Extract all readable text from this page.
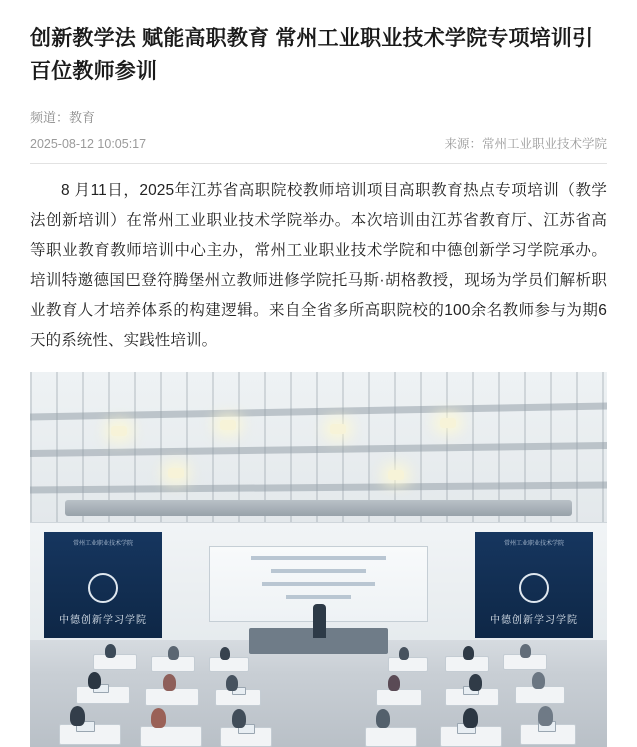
创新教学法 赋能高职教育 常州工业职业技术学院专项培训引百位教师参训
频道：教育
2025-08-12 10:05:17	来源：常州工业职业技术学院

8 月11日，2025年江苏省高职院校教师培训项目高职教育热点专项培训（教学法创新培训）在常州工业职业技术学院举办。本次培训由江苏省教育厅、江苏省高等职业教育教师培训中心主办，常州工业职业技术学院和中德创新学习学院承办。培训特邀德国巴登符腾堡州立教师进修学院托马斯·胡格教授，现场为学员们解析职业教育人才培养体系的构建逻辑。来自全省多所高职院校的100余名教师参与为期6天的系统性、实践性培训。

常州工业职业技术学院
中德创新学习学院
常州工业职业技术学院
中德创新学习学院
